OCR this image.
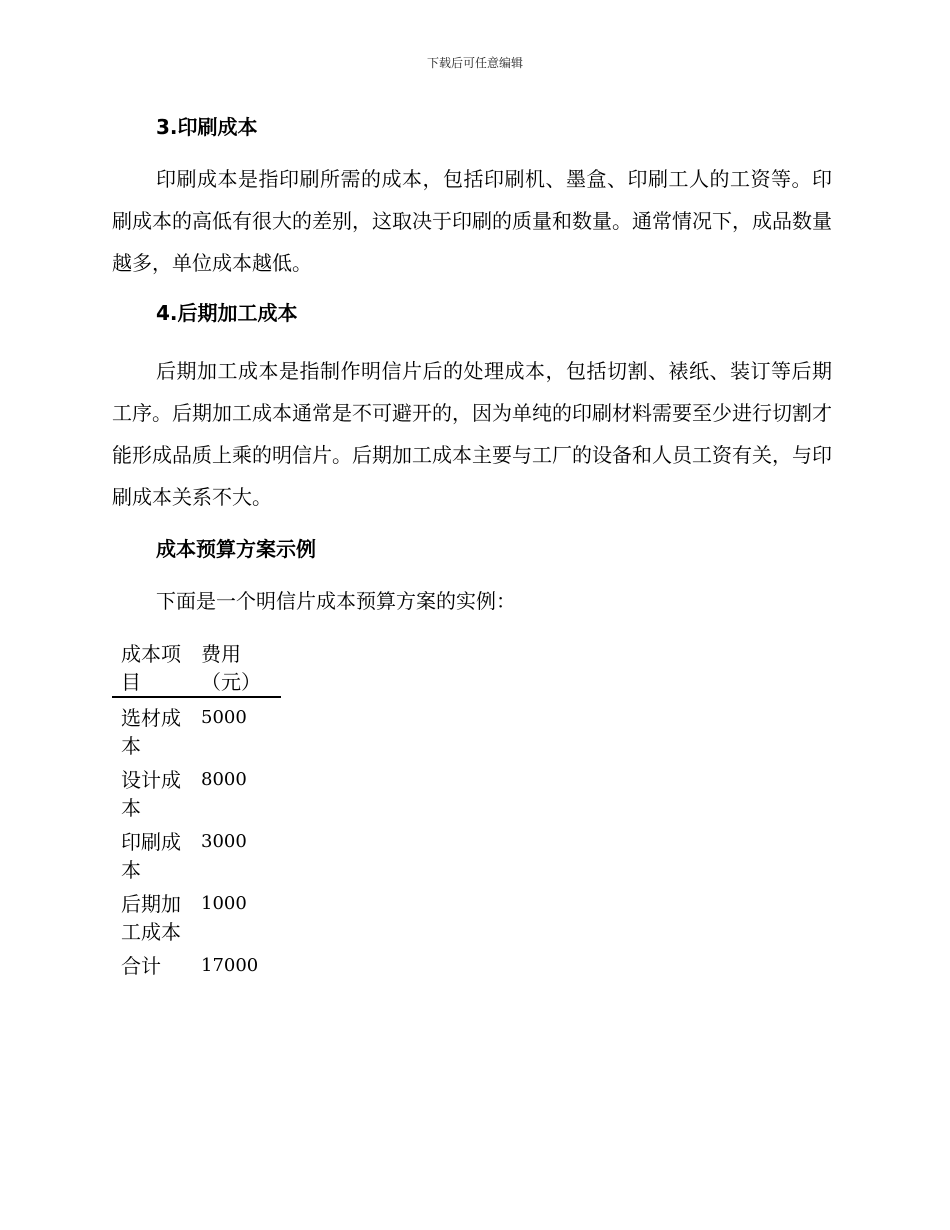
下载后可任意编辑
3.印刷成本

印刷成本是指印刷所需的成本，包括印刷机、墨盒、印刷工人的工资等。印刷成本的高低有很大的差别，这取决于印刷的质量和数量。通常情况下，成品数量越多，单位成本越低。

4.后期加工成本

后期加工成本是指制作明信片后的处理成本，包括切割、裱纸、装订等后期工序。后期加工成本通常是不可避开的，因为单纯的印刷材料需要至少进行切割才能形成品质上乘的明信片。后期加工成本主要与工厂的设备和人员工资有关，与印刷成本关系不大。

成本预算方案示例

下面是一个明信片成本预算方案的实例：

成本项目	费用（元）
选材成本	5000
设计成本	8000
印刷成本	3000
后期加工成本	1000
合计	17000
